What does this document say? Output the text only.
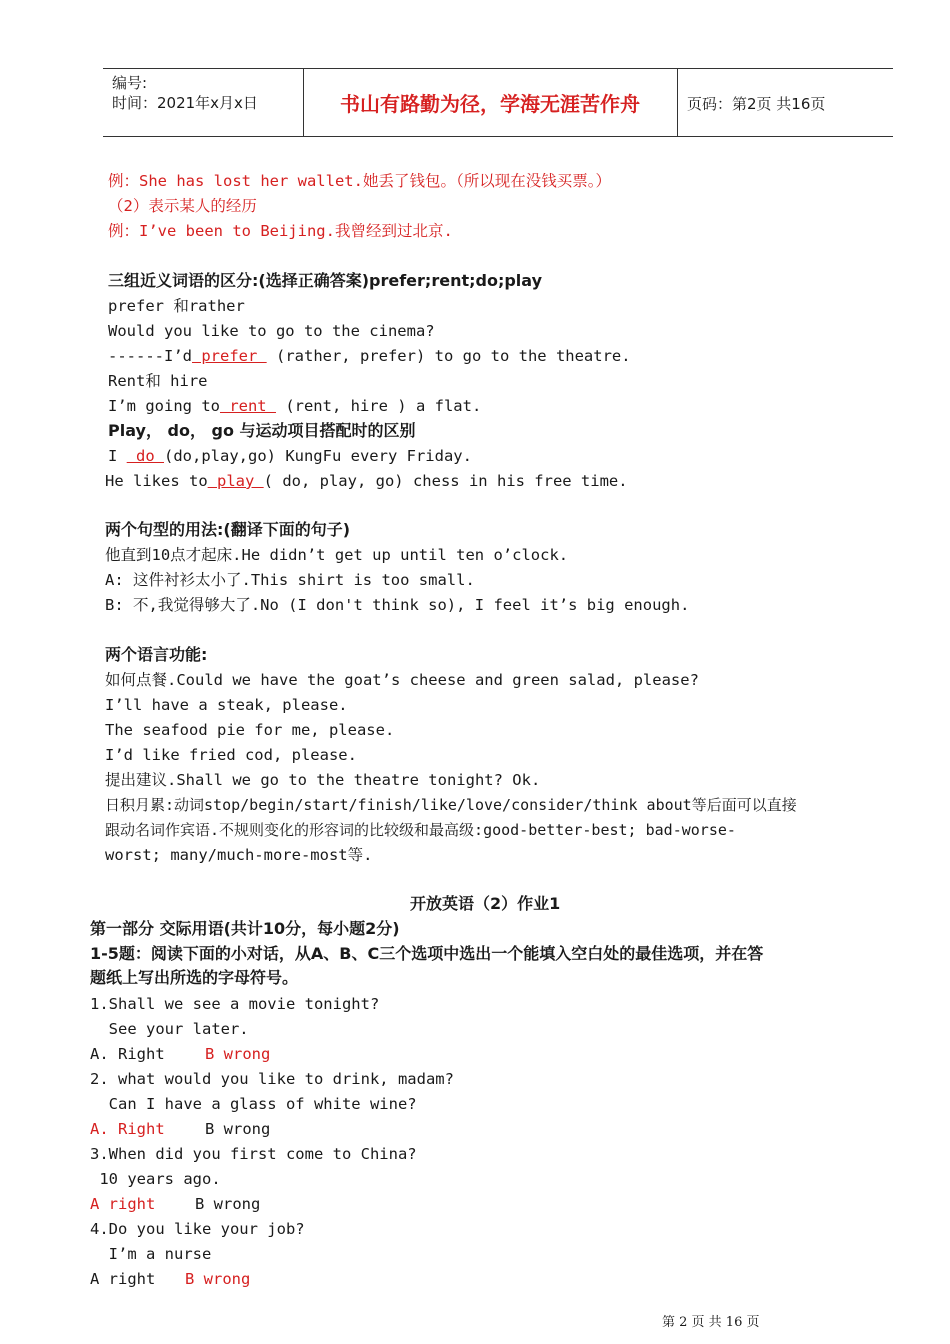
编号:
时间：2021年x月x日	书山有路勤为径，学海无涯苦作舟	页码：第2页 共16页
例：She has lost her wallet.她丢了钱包。（所以现在没钱买票。）
（2）表示某人的经历
例：I’ve been to Beijing.我曾经到过北京.
三组近义词语的区分:(选择正确答案)prefer;rent;do;play
prefer 和rather
Would you like to go to the cinema?
------I’d prefer  (rather, prefer) to go to the theatre.
Rent和 hire
I’m going to rent  (rent, hire ) a flat.
Play， do， go 与运动项目搭配时的区别
I  do (do,play,go) KungFu every Friday.
He likes to play ( do, play, go) chess in his free time.
两个句型的用法:(翻译下面的句子)
他直到10点才起床.He didn’t get up until ten o’clock.
A: 这件衬衫太小了.This shirt is too small.
B: 不,我觉得够大了.No (I don't think so), I feel it’s big enough.
两个语言功能:
如何点餐.Could we have the goat’s cheese and green salad, please?
I’ll have a steak, please.
The seafood pie for me, please.
I’d like fried cod, please.
提出建议.Shall we go to the theatre tonight? Ok.
日积月累:动词stop/begin/start/finish/like/love/consider/think about等后面可以直接
跟动名词作宾语.不规则变化的形容词的比较级和最高级:good-better-best; bad-worse-
worst; many/much-more-most等.
开放英语（2）作业1
第一部分 交际用语(共计10分，每小题2分)
1-5题：阅读下面的小对话，从A、B、C三个选项中选出一个能填入空白处的最佳选项，并在答
题纸上写出所选的字母符号。
1.Shall we see a movie tonight?
See your later.
A. Right	B wrong
2. what would you like to drink, madam?
Can I have a glass of white wine?
A. Right	B wrong
3.When did you first come to China?
10 years ago.
A right	B wrong
4.Do you like your job?
I’m a nurse
A right B wrong
第 2 页 共 16 页
